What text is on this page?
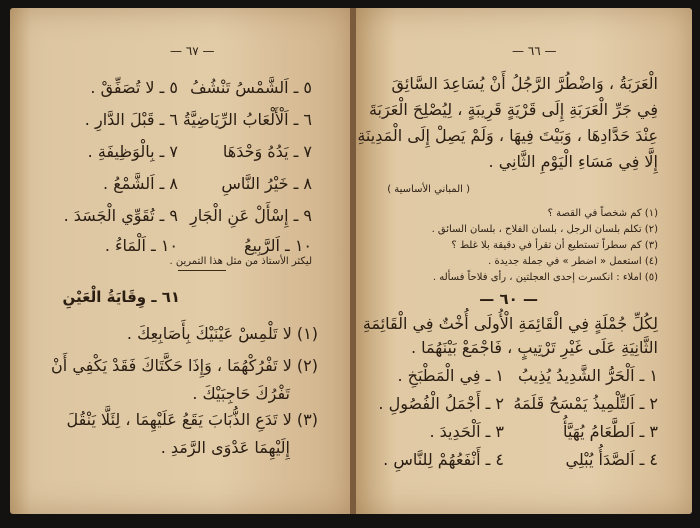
— ٦٧ —
٥ ـ اَلشَّمْسُ تَنْشُفُ
٥ ـ لا تُصَفِّقْ .
٦ ـ اَلْأَلْعَابُ الرِّيَاضِيَّةُ
٦ ـ قَبْلَ الدَّارِ .
٧ ـ يَدُهُ وَحْدَهَا
٧ ـ بِالْوَظِيفَةِ .
٨ ـ خَيْرُ النَّاسِ
٨ ـ اَلشَّمْعُ .
٩ ـ إِسْأَلْ عَنِ الْجَارِ
٩ ـ تُقَوِّي الْجَسَدَ .
١٠ ـ اَلرَّبِيعُ
١٠ ـ اَلْمَاءُ .
ليكثر الأستاذ من مثل هذا التمرين .
٦١ ـ وِقَايَةُ الْعَيْنِ
(١) لا تَلْمِسْ عَيْنَيْكَ بِأَصَابِعِكَ .
(٢) لا تَفْرُكْهُمَا ، وَإِذَا حَكَّتَاكَ فَقَدْ يَكْفِي أَنْ
تَفْرُكَ حَاجِبَيْكَ .
(٣) لا تَدَعِ الذُّبَابَ يَقَعُ عَلَيْهِمَا ، لِئَلَّا يَنْقُلَ
إِلَيْهِمَا عَدْوَى الرَّمَدِ .
— ٦٦ —
الْعَرَبَةُ ، وَاضْطُرَّ الرَّجُلُ أَنْ يُسَاعِدَ السَّائِقَ
فِي جَرِّ الْعَرَبَةِ إِلَى قَرْيَةٍ قَرِيبَةٍ ، لِيُصْلِحَ الْعَرَبَةَ
عِنْدَ حَدَّادِهَا ، وَبَيْتَ فِيهَا ، وَلَمْ يَصِلْ إِلَى الْمَدِينَةِ
إِلَّا فِي مَسَاءِ الْيَوْمِ الثَّانِي .
( المباني الأساسية )
(١) كم شخصاً في القصة ؟
(٢) تكلم بلسان الرجل ، بلسان الفلاح ، بلسان السائق .
(٣) كم سطراً تستطيع أن تقرأ في دقيقة بلا غلط ؟
(٤) استعمل « اضطر » في جملة جديدة .
(٥) املاء : انكسرت إحدى العجلتين ، رأى فلاحاً فسأله .
— ٦٠ —
لِكُلِّ جُمْلَةٍ فِي الْقَائِمَةِ الْأُولَى أُخْتٌ فِي الْقَائِمَةِ
الثَّانِيَةِ عَلَى غَيْرِ تَرْتِيبٍ ، فَاجْمَعْ بَيْنَهُمَا .
١ ـ اَلْحَرُّ الشَّدِيدُ يُذِيبُ
١ ـ فِي الْمَطْبَخِ .
٢ ـ اَلتِّلْمِيذُ يَمْسَحُ قَلَمَهُ
٢ ـ أَجْمَلُ الْفُصُولِ .
٣ ـ اَلطَّعَامُ يُهَيَّأُ
٣ ـ اَلْحَدِيدَ .
٤ ـ اَلصَّدَأُ يُبْلِي
٤ ـ أَنْفَعُهُمْ لِلنَّاسِ .
